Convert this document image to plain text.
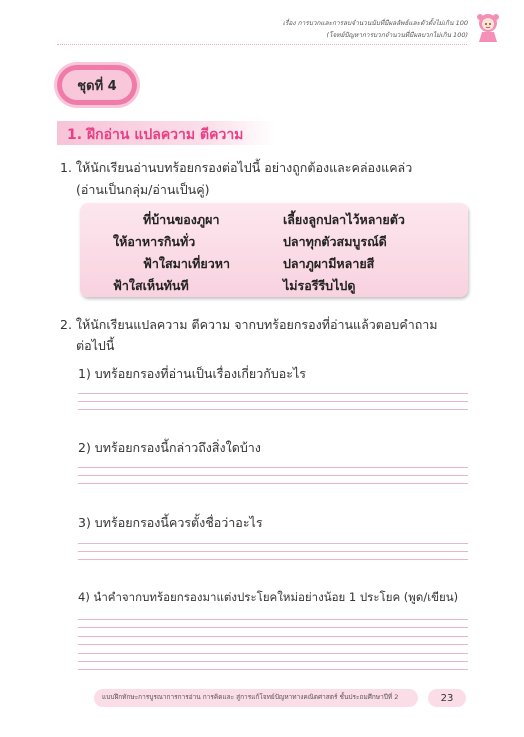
เรื่อง การบวกและการลบจำนวนนับที่มีผลลัพธ์และตัวตั้งไม่เกิน 100
(โจทย์ปัญหาการบวกจำนวนที่มีผลบวกไม่เกิน 100)
ชุดที่ 4
1. ฝึกอ่าน แปลความ ตีความ
1. ให้นักเรียนอ่านบทร้อยกรองต่อไปนี้ อย่างถูกต้องและคล่องแคล่ว
(อ่านเป็นกลุ่ม/อ่านเป็นคู่)
ที่บ้านของภูผา	เลี้ยงลูกปลาไว้หลายตัว
ให้อาหารกินทั่ว	ปลาทุกตัวสมบูรณ์ดี
ฟ้าใสมาเที่ยวหา	ปลาภูผามีหลายสี
ฟ้าใสเห็นทันที	ไม่รอรีรีบไปดู
2. ให้นักเรียนแปลความ ตีความ จากบทร้อยกรองที่อ่านแล้วตอบคำถาม
ต่อไปนี้
1) บทร้อยกรองที่อ่านเป็นเรื่องเกี่ยวกับอะไร
2) บทร้อยกรองนี้กล่าวถึงสิ่งใดบ้าง
3) บทร้อยกรองนี้ควรตั้งชื่อว่าอะไร
4) นำคำจากบทร้อยกรองมาแต่งประโยคใหม่อย่างน้อย 1 ประโยค (พูด/เขียน)
แบบฝึกทักษะการบูรณาการการอ่าน การคิดและ สู่การแก้โจทย์ปัญหาทางคณิตศาสตร์ ชั้นประถมศึกษาปีที่ 2	23
